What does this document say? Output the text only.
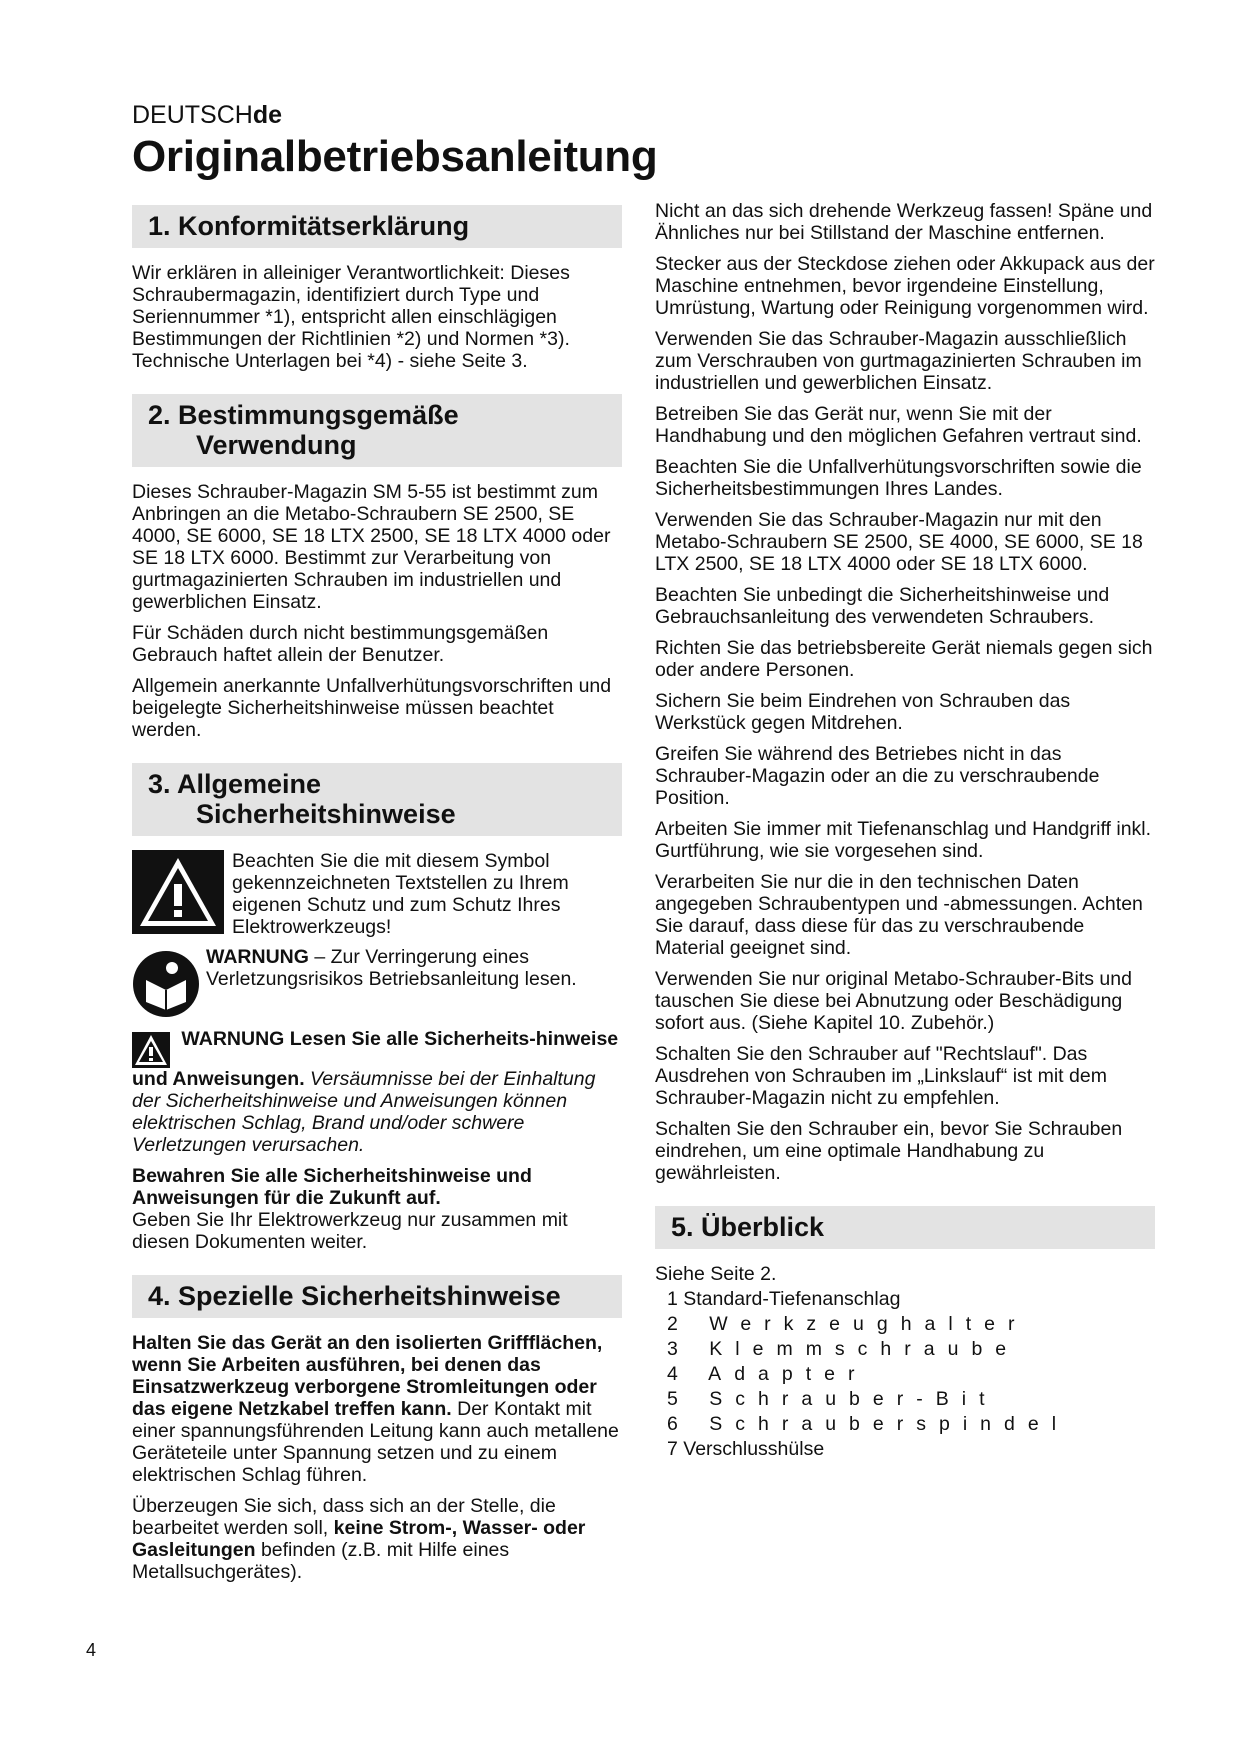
DEUTSCHde
Originalbetriebsanleitung
1. Konformitätserklärung

Wir erklären in alleiniger Verantwortlichkeit: Dieses Schraubermagazin, identifiziert durch Type und Seriennummer *1), entspricht allen einschlägigen Bestimmungen der Richtlinien *2) und Normen *3). Technische Unterlagen bei *4) - siehe Seite 3.

2. Bestimmungsgemäße
Verwendung

Dieses Schrauber-Magazin SM 5-55 ist bestimmt zum Anbringen an die Metabo-Schraubern SE 2500, SE 4000, SE 6000, SE 18 LTX 2500, SE 18 LTX 4000 oder SE 18 LTX 6000. Bestimmt zur Verarbeitung von gurtmagazinierten Schrauben im industriellen und gewerblichen Einsatz.

Für Schäden durch nicht bestimmungsgemäßen Gebrauch haftet allein der Benutzer.

Allgemein anerkannte Unfallverhütungsvorschriften und beigelegte Sicherheitshinweise müssen beachtet werden.

3. Allgemeine
Sicherheitshinweise

Beachten Sie die mit diesem Symbol gekennzeichneten Textstellen zu Ihrem eigenen Schutz und zum Schutz Ihres Elektrowerkzeugs!

WARNUNG – Zur Verringerung eines Verletzungsrisikos Betriebsanleitung lesen.

WARNUNG Lesen Sie alle Sicherheits-hinweise und Anweisungen. Versäumnisse bei der Einhaltung der Sicherheitshinweise und Anweisungen können elektrischen Schlag, Brand und/oder schwere Verletzungen verursachen.

Bewahren Sie alle Sicherheitshinweise und Anweisungen für die Zukunft auf.

Geben Sie Ihr Elektrowerkzeug nur zusammen mit diesen Dokumenten weiter.

4. Spezielle Sicherheitshinweise

Halten Sie das Gerät an den isolierten Griffflächen, wenn Sie Arbeiten ausführen, bei denen das Einsatzwerkzeug verborgene Stromleitungen oder das eigene Netzkabel treffen kann. Der Kontakt mit einer spannungsführenden Leitung kann auch metallene Geräteteile unter Spannung setzen und zu einem elektrischen Schlag führen.

Überzeugen Sie sich, dass sich an der Stelle, die bearbeitet werden soll, keine Strom-, Wasser- oder Gasleitungen befinden (z.B. mit Hilfe eines Metallsuchgerätes).

Nicht an das sich drehende Werkzeug fassen! Späne und Ähnliches nur bei Stillstand der Maschine entfernen.

Stecker aus der Steckdose ziehen oder Akkupack aus der Maschine entnehmen, bevor irgendeine Einstellung, Umrüstung, Wartung oder Reinigung vorgenommen wird.

Verwenden Sie das Schrauber-Magazin ausschließlich zum Verschrauben von gurtmagazinierten Schrauben im industriellen und gewerblichen Einsatz.

Betreiben Sie das Gerät nur, wenn Sie mit der Handhabung und den möglichen Gefahren vertraut sind.

Beachten Sie die Unfallverhütungsvorschriften sowie die Sicherheitsbestimmungen Ihres Landes.

Verwenden Sie das Schrauber-Magazin nur mit den Metabo-Schraubern SE 2500, SE 4000, SE 6000, SE 18 LTX 2500, SE 18 LTX 4000 oder SE 18 LTX 6000.

Beachten Sie unbedingt die Sicherheitshinweise und Gebrauchsanleitung des verwendeten Schraubers.

Richten Sie das betriebsbereite Gerät niemals gegen sich oder andere Personen.

Sichern Sie beim Eindrehen von Schrauben das Werkstück gegen Mitdrehen.

Greifen Sie während des Betriebes nicht in das Schrauber-Magazin oder an die zu verschraubende Position.

Arbeiten Sie immer mit Tiefenanschlag und Handgriff inkl. Gurtführung, wie sie vorgesehen sind.

Verarbeiten Sie nur die in den technischen Daten angegeben Schraubentypen und -abmessungen. Achten Sie darauf, dass diese für das zu verschraubende Material geeignet sind.

Verwenden Sie nur original Metabo-Schrauber-Bits und tauschen Sie diese bei Abnutzung oder Beschädigung sofort aus. (Siehe Kapitel 10. Zubehör.)

Schalten Sie den Schrauber auf "Rechtslauf". Das Ausdrehen von Schrauben im „Linkslauf“ ist mit dem Schrauber-Magazin nicht zu empfehlen.

Schalten Sie den Schrauber ein, bevor Sie Schrauben eindrehen, um eine optimale Handhabung zu gewährleisten.

5. Überblick

Siehe Seite 2.

1 Standard-Tiefenanschlag
2 Werkzeughalter
3 Klemmschraube
4 Adapter
5 Schrauber-Bit
6 Schrauberspindel
7 Verschlusshülse
4
